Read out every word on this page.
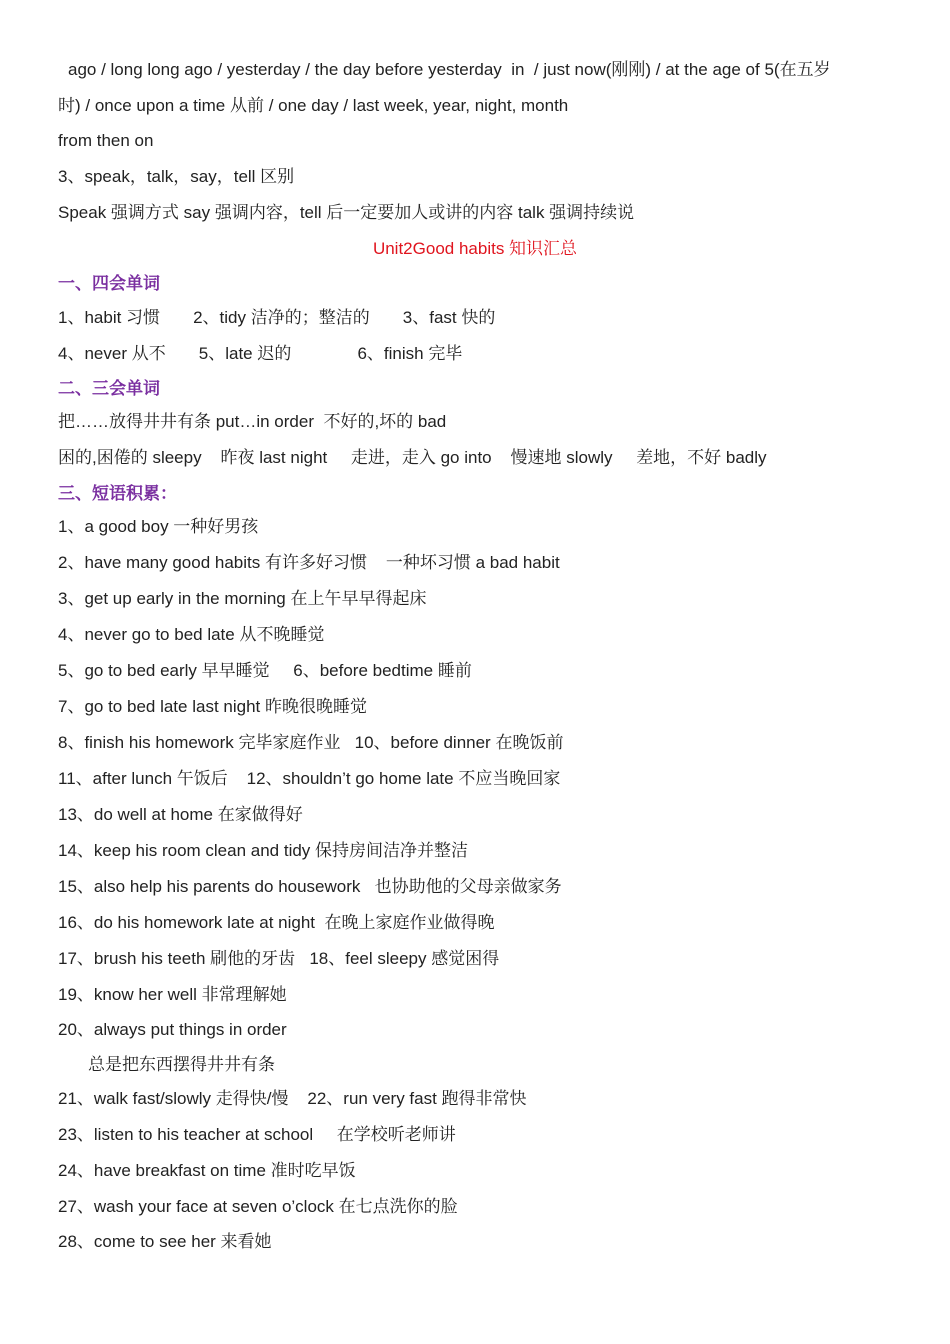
ago / long long ago / yesterday / the day before yesterday  in  / just now(刚刚) / at the age of 5(在五岁
时) / once upon a time 从前 / one day / last week, year, night, month
from then on
3、speak，talk，say，tell 区别
Speak 强调方式 say 强调内容，tell 后一定要加人或讲的内容 talk 强调持续说
Unit2Good habits 知识汇总
一、四会单词
1、habit 习惯       2、tidy 洁净的；整洁的       3、fast 快的
4、never 从不       5、late 迟的              6、finish 完毕
二、三会单词
把……放得井井有条 put…in order  不好的,坏的 bad
困的,困倦的 sleepy    昨夜 last night     走进，走入 go into    慢速地 slowly     差地，不好 badly
三、短语积累：
1、a good boy 一种好男孩
2、have many good habits 有许多好习惯    一种坏习惯 a bad habit
3、get up early in the morning 在上午早早得起床
4、never go to bed late 从不晚睡觉
5、go to bed early 早早睡觉     6、before bedtime 睡前
7、go to bed late last night 昨晚很晚睡觉
8、finish his homework 完毕家庭作业   10、before dinner 在晚饭前
11、after lunch 午饭后    12、shouldn’t go home late 不应当晚回家
13、do well at home 在家做得好
14、keep his room clean and tidy 保持房间洁净并整洁
15、also help his parents do housework   也协助他的父母亲做家务
16、do his homework late at night  在晚上家庭作业做得晚
17、brush his teeth 刷他的牙齿   18、feel sleepy 感觉困得
19、know her well 非常理解她
20、always put things in order
总是把东西摆得井井有条
21、walk fast/slowly 走得快/慢    22、run very fast 跑得非常快
23、listen to his teacher at school     在学校听老师讲
24、have breakfast on time 准时吃早饭
27、wash your face at seven o’clock 在七点洗你的脸
28、come to see her 来看她
